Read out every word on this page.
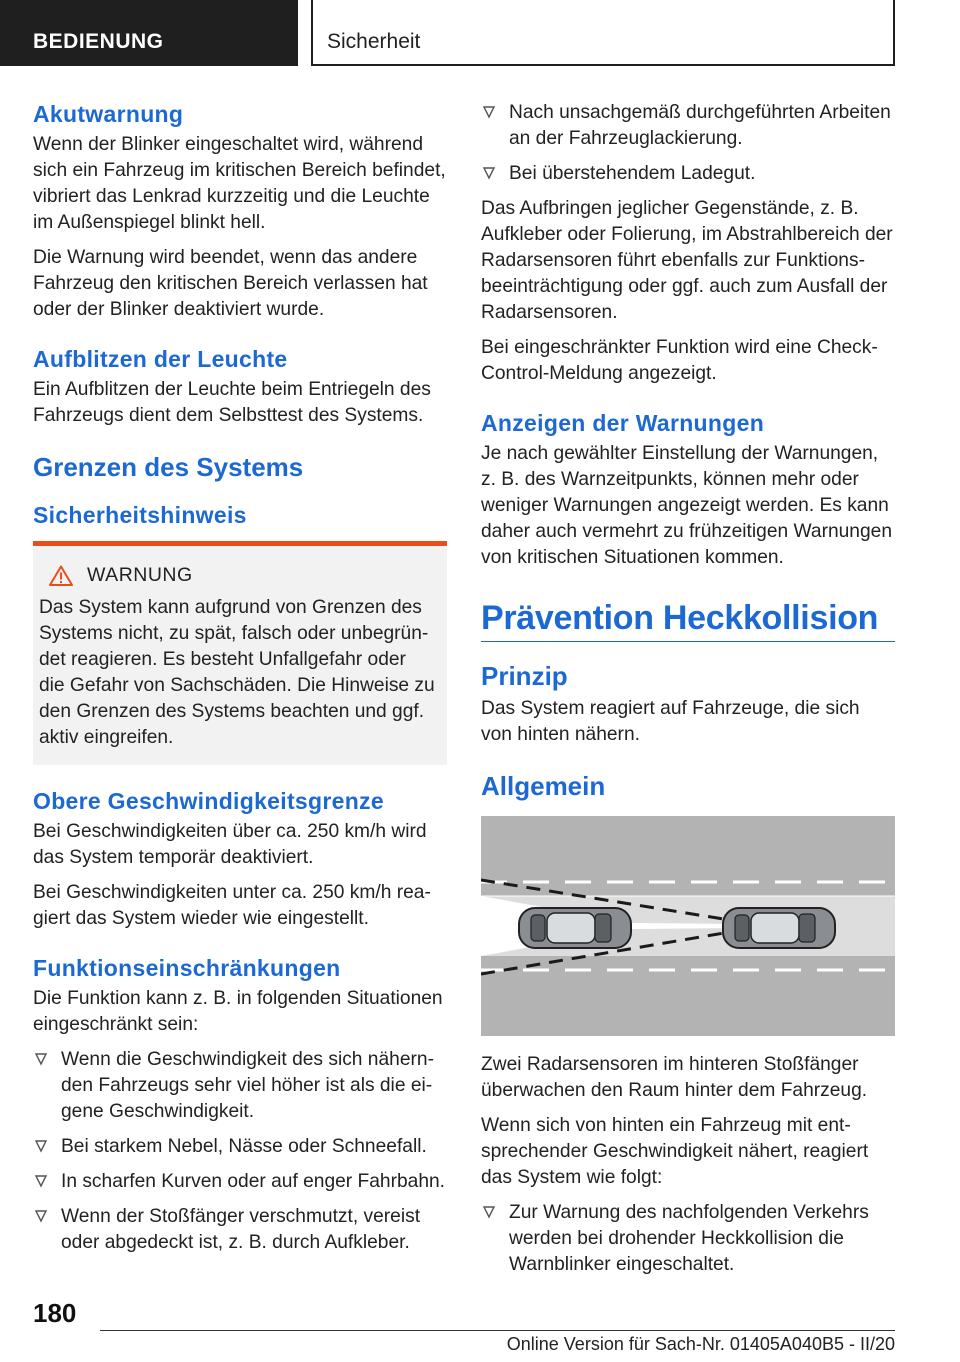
BEDIENUNG	Sicherheit
Akutwarnung

Wenn der Blinker eingeschaltet wird, während sich ein Fahrzeug im kritischen Bereich befindet, vibriert das Lenkrad kurzzeitig und die Leuchte im Außenspiegel blinkt hell.

Die Warnung wird beendet, wenn das andere Fahrzeug den kritischen Bereich verlassen hat oder der Blinker deaktiviert wurde.

Aufblitzen der Leuchte

Ein Aufblitzen der Leuchte beim Entriegeln des Fahrzeugs dient dem Selbsttest des Systems.

Grenzen des Systems
Sicherheitshinweis
WARNUNG

Das System kann aufgrund von Grenzen des Systems nicht, zu spät, falsch oder unbegründet reagieren. Es besteht Unfallgefahr oder die Gefahr von Sachschäden. Die Hinweise zu den Grenzen des Systems beachten und ggf. aktiv eingreifen.

Obere Geschwindigkeitsgrenze

Bei Geschwindigkeiten über ca. 250 km/h wird das System temporär deaktiviert.

Bei Geschwindigkeiten unter ca. 250 km/h reagiert das System wieder wie eingestellt.

Funktionseinschränkungen

Die Funktion kann z. B. in folgenden Situationen eingeschränkt sein:

Wenn die Geschwindigkeit des sich nähernden Fahrzeugs sehr viel höher ist als die eigene Geschwindigkeit.
Bei starkem Nebel, Nässe oder Schneefall.
In scharfen Kurven oder auf enger Fahrbahn.
Wenn der Stoßfänger verschmutzt, vereist oder abgedeckt ist, z. B. durch Aufkleber.
Nach unsachgemäß durchgeführten Arbeiten an der Fahrzeuglackierung.
Bei überstehendem Ladegut.

Das Aufbringen jeglicher Gegenstände, z. B. Aufkleber oder Folierung, im Abstrahlbereich der Radarsensoren führt ebenfalls zur Funktionsbeeinträchtigung oder ggf. auch zum Ausfall der Radarsensoren.

Bei eingeschränkter Funktion wird eine Check-Control-Meldung angezeigt.

Anzeigen der Warnungen

Je nach gewählter Einstellung der Warnungen, z. B. des Warnzeitpunkts, können mehr oder weniger Warnungen angezeigt werden. Es kann daher auch vermehrt zu frühzeitigen Warnungen von kritischen Situationen kommen.

Prävention Heckkollision
Prinzip

Das System reagiert auf Fahrzeuge, die sich von hinten nähern.

Allgemein

Zwei Radarsensoren im hinteren Stoßfänger überwachen den Raum hinter dem Fahrzeug.

Wenn sich von hinten ein Fahrzeug mit entsprechender Geschwindigkeit nähert, reagiert das System wie folgt:

Zur Warnung des nachfolgenden Verkehrs werden bei drohender Heckkollision die Warnblinker eingeschaltet.
180
Online Version für Sach-Nr. 01405A040B5 - II/20
